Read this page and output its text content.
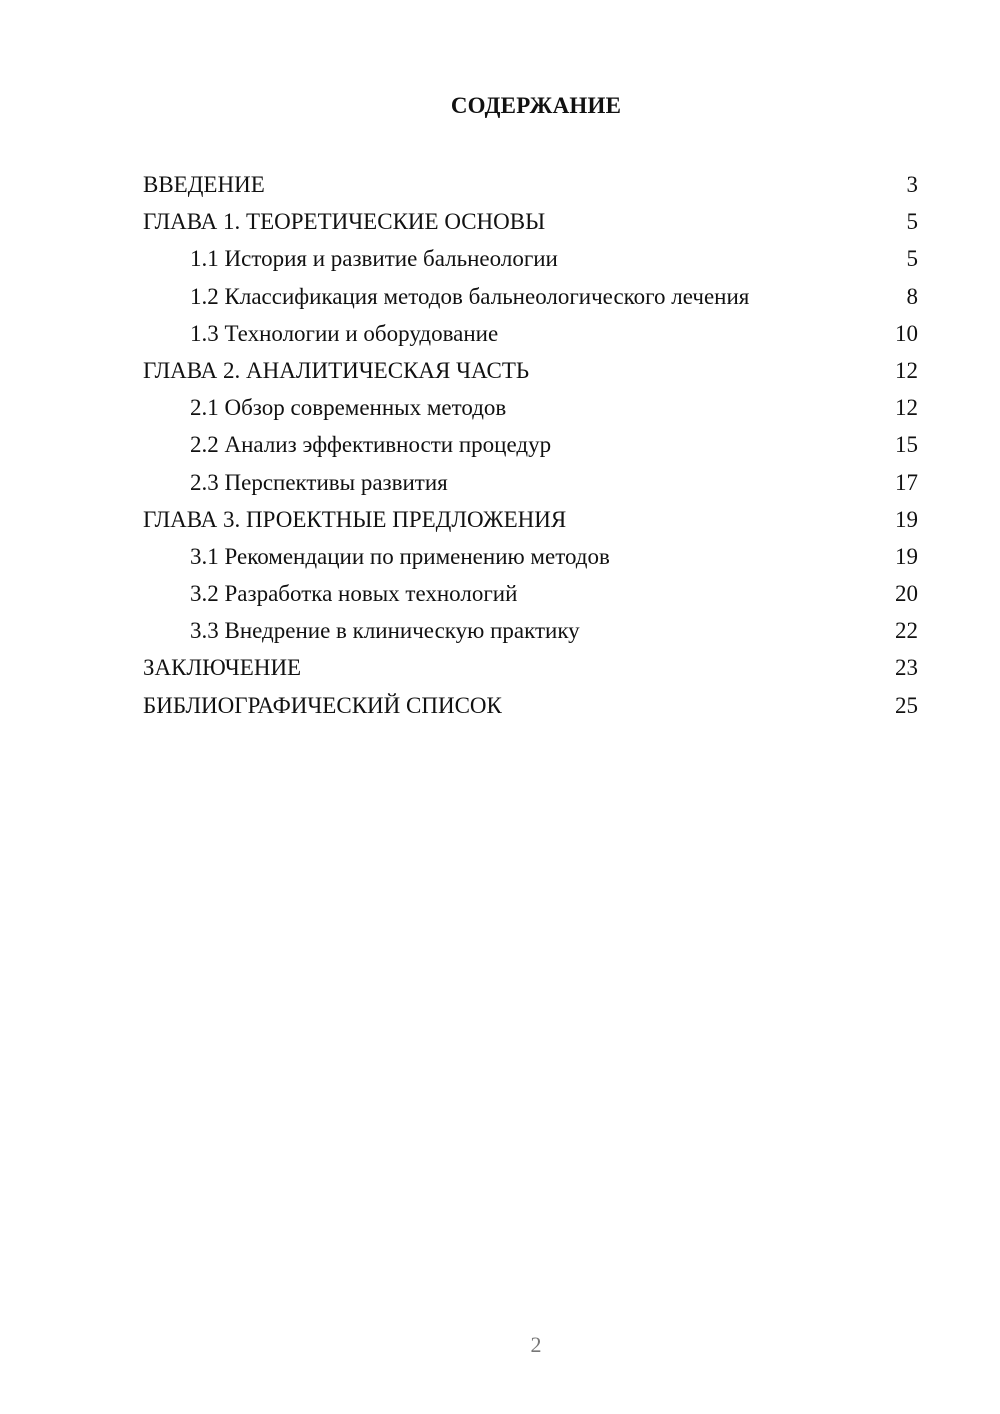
СОДЕРЖАНИЕ
ВВЕДЕНИЕ	3
ГЛАВА 1. ТЕОРЕТИЧЕСКИЕ ОСНОВЫ	5
1.1 История и развитие бальнеологии	5
1.2 Классификация методов бальнеологического лечения	8
1.3 Технологии и оборудование	10
ГЛАВА 2. АНАЛИТИЧЕСКАЯ ЧАСТЬ	12
2.1 Обзор современных методов	12
2.2 Анализ эффективности процедур	15
2.3 Перспективы развития	17
ГЛАВА 3. ПРОЕКТНЫЕ ПРЕДЛОЖЕНИЯ	19
3.1 Рекомендации по применению методов	19
3.2 Разработка новых технологий	20
3.3 Внедрение в клиническую практику	22
ЗАКЛЮЧЕНИЕ	23
БИБЛИОГРАФИЧЕСКИЙ СПИСОК	25
2
